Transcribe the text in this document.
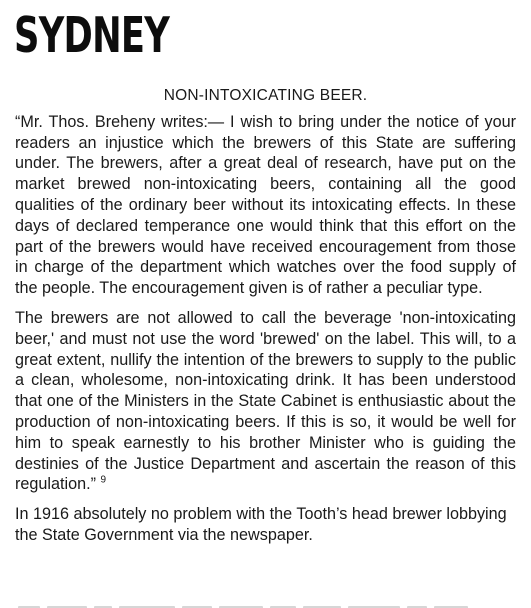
SYDNEY
NON-INTOXICATING BEER.

“Mr. Thos. Breheny writes:— I wish to bring under the notice of your readers an injustice which the brewers of this State are suffering under. The brewers, after a great deal of research, have put on the market brewed non-intoxicating beers, containing all the good qualities of the ordinary beer without its intoxicating effects. In these days of declared temperance one would think that this effort on the part of the brewers would have received encouragement from those in charge of the department which watches over the food supply of the people. The encouragement given is of rather a peculiar type.

The brewers are not allowed to call the beverage 'non-intoxicating beer,' and must not use the word 'brewed' on the label. This will, to a great extent, nullify the intention of the brewers to supply to the public a clean, wholesome, non-intoxicating drink. It has been understood that one of the Ministers in the State Cabinet is enthusiastic about the production of non-intoxicating beers. If this is so, it would be well for him to speak earnestly to his brother Minister who is guiding the destinies of the Justice Department and ascertain the reason of this regulation.” $^9$

In 1916 absolutely no problem with the Tooth’s head brewer lobbying the State Government via the newspaper.
